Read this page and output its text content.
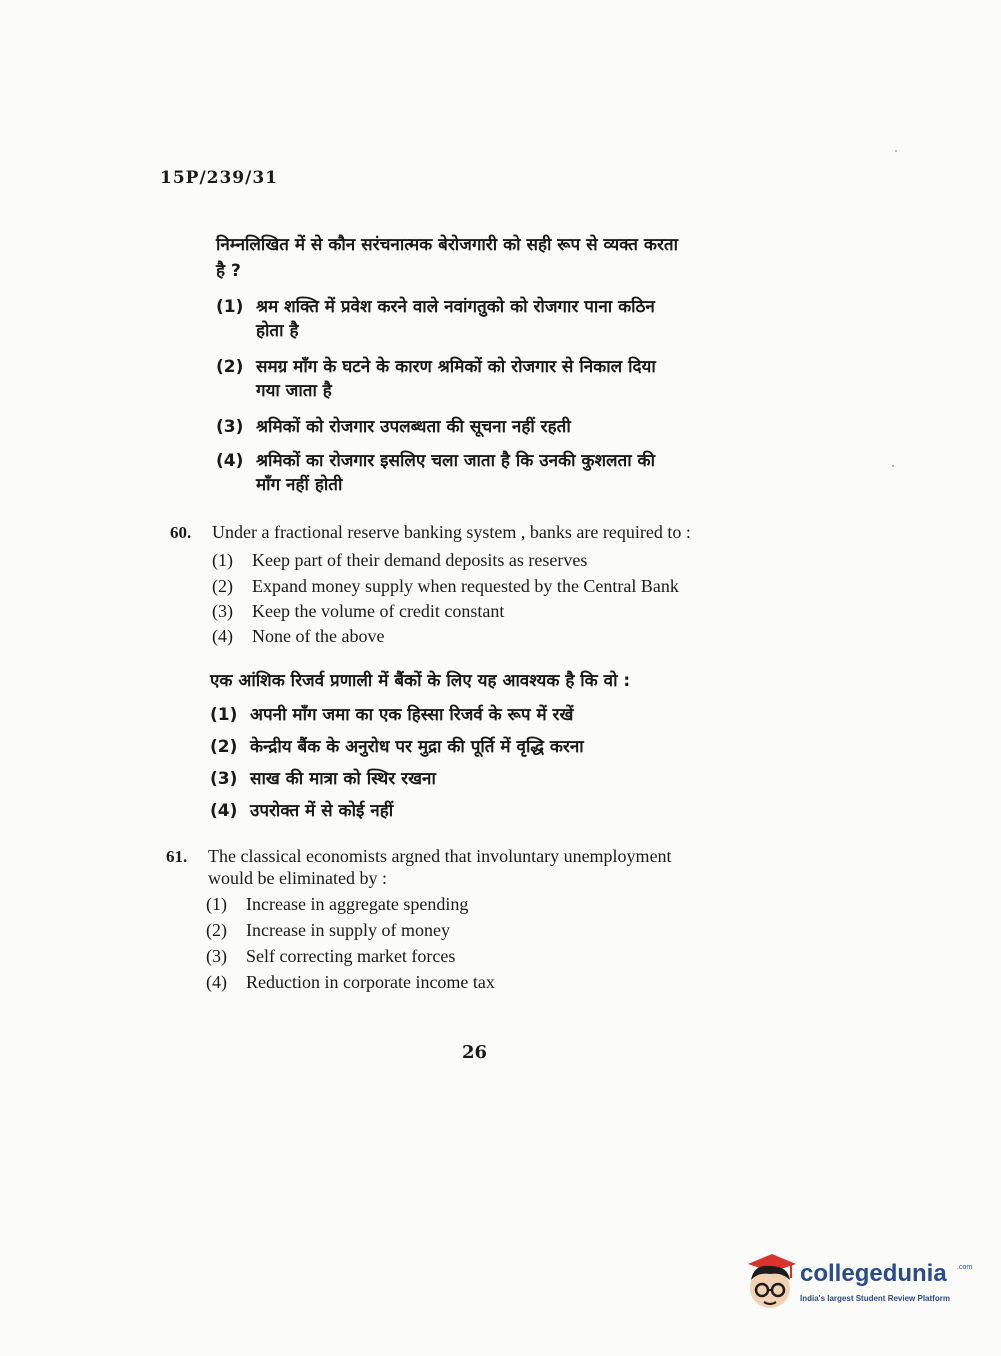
15P/239/31
निम्नलिखित में से कौन सरंचनात्मक बेरोजगारी को सही रूप से व्यक्त करता
है ?
(1) श्रम शक्ति में प्रवेश करने वाले नवांगतुको को रोजगार पाना कठिन
होता है
(2) समग्र माँग के घटने के कारण श्रमिकों को रोजगार से निकाल दिया
गया जाता है
(3) श्रमिकों को रोजगार उपलब्धता की सूचना नहीं रहती
(4) श्रमिकों का रोजगार इसलिए चला जाता है कि उनकी कुशलता की
माँग नहीं होती
60. Under a fractional reserve banking system , banks are required to :
(1) Keep part of their demand deposits as reserves
(2) Expand money supply when requested by the Central Bank
(3) Keep the volume of credit constant
(4) None of the above
एक आंशिक रिजर्व प्रणाली में बैंकों के लिए यह आवश्यक है कि वो :
(1) अपनी माँग जमा का एक हिस्सा रिजर्व के रूप में रखें
(2) केन्द्रीय बैंक के अनुरोध पर मुद्रा की पूर्ति में वृद्धि करना
(3) साख की मात्रा को स्थिर रखना
(4) उपरोक्त में से कोई नहीं
61. The classical economists argned that involuntary unemployment
would be eliminated by :
(1) Increase in aggregate spending
(2) Increase in supply of money
(3) Self correcting market forces
(4) Reduction in corporate income tax
26
collegedunia .com
India's largest Student Review Platform
